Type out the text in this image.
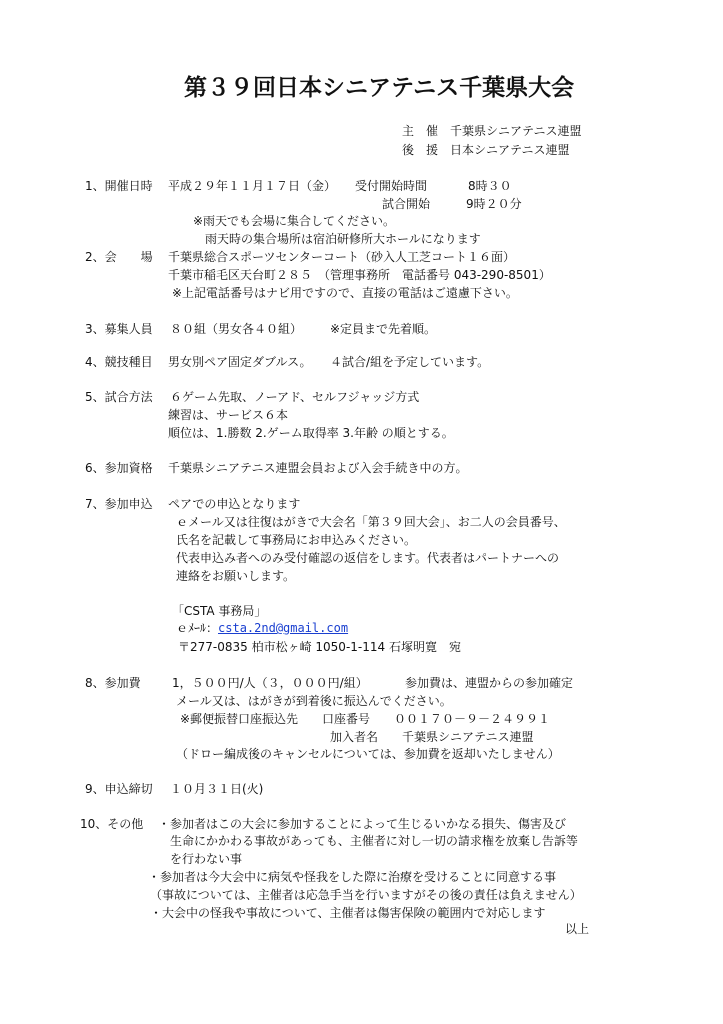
第３９回日本シニアテニス千葉県大会
主　催　千葉県シニアテニス連盟
後　援　日本シニアテニス連盟
1、開催日時 平成２９年１１月１７日（金） 受付開始時間	8時３０
試合開始	9時２０分
※雨天でも会場に集合してください。
雨天時の集合場所は宿泊研修所大ホールになります
2、会　　場 千葉県総合スポーツセンターコート（砂入人工芝コート１６面）
千葉市稲毛区天台町２８５　（管理事務所　電話番号 043-290-8501）
※上記電話番号はナビ用ですので、直接の電話はご遠慮下さい。
3、募集人員 ８０組（男女各４０組） ※定員まで先着順。
4、競技種目 男女別ペア固定ダブルス。 ４試合/組を予定しています。
5、試合方法 ６ゲーム先取、ノーアド、セルフジャッジ方式
練習は、サービス６本
順位は、1.勝数 2.ゲーム取得率 3.年齢 の順とする。
6、参加資格 千葉県シニアテニス連盟会員および入会手続き中の方。
7、参加申込 ペアでの申込となります
ｅメール又は往復はがきで大会名「第３９回大会」、お二人の会員番号、
氏名を記載して事務局にお申込みください。
代表申込み者へのみ受付確認の返信をします。代表者はパートナーへの
連絡をお願いします。
「CSTA 事務局」
ｅﾒｰﾙ：csta.2nd@gmail.com
〒277-0835 柏市松ヶ崎 1050-1-114 石塚明寛　宛
8、参加費	1，５００円/人（３，０００円/組）	参加費は、連盟からの参加確定
メール又は、はがきが到着後に振込んでください。
※郵便振替口座振込先　　口座番号　　００１７０－９－２４９９１
加入者名　　千葉県シニアテニス連盟
（ドロー編成後のキャンセルについては、参加費を返却いたしません）
9、申込締切 １０月３１日(火)
10、その他 ・参加者はこの大会に参加することによって生じるいかなる損失、傷害及び
生命にかかわる事故があっても、主催者に対し一切の請求権を放棄し告訴等
を行わない事
・参加者は今大会中に病気や怪我をした際に治療を受けることに同意する事
（事故については、主催者は応急手当を行いますがその後の責任は負えません）
・大会中の怪我や事故について、主催者は傷害保険の範囲内で対応します
以上
